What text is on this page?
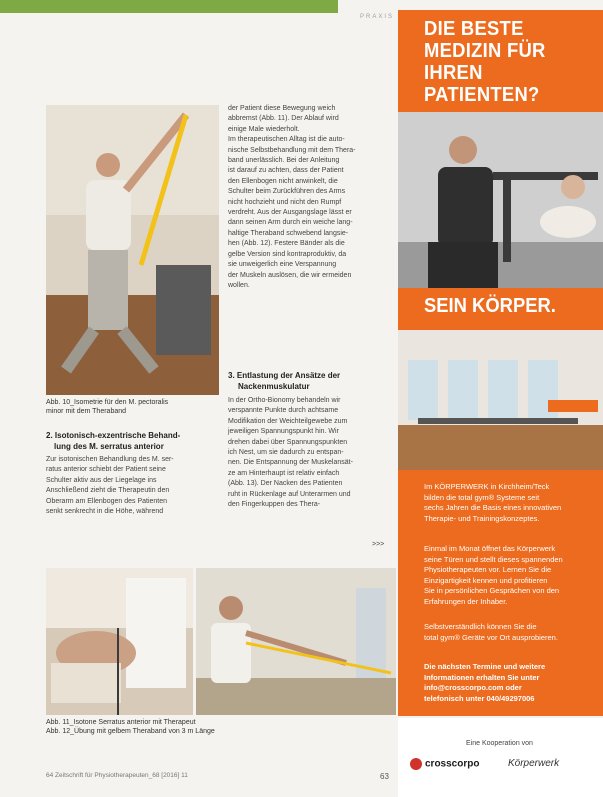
PRAXIS
Abb. 10_Isometrie für den M. pectoralis
minor mit dem Theraband
der Patient diese Bewegung weich
abbremst (Abb. 11). Der Ablauf wird
einige Male wiederholt.
Im therapeutischen Alltag ist die auto-
nische Selbstbehandlung mit dem Thera-
band unerlässlich. Bei der Anleitung
ist darauf zu achten, dass der Patient
den Ellenbogen nicht anwinkelt, die
Schulter beim Zurückführen des Arms
nicht hochzieht und nicht den Rumpf
verdreht. Aus der Ausgangslage lässt er
dann seinen Arm durch ein weiche lang-
haltige Theraband schwebend langsie-
hen (Abb. 12). Festere Bänder als die
gelbe Version sind kontraproduktiv, da
sie unweigerlich eine Verspannung
der Muskeln auslösen, die wir ermeiden
wollen.
2. Isotonisch-exzentrische Behand-
lung des M. serratus anterior
Zur isotonischen Behandlung des M. ser-
ratus anterior schiebt der Patient seine
Schulter aktiv aus der Liegelage ins
Anschließend zieht die Therapeutin den
Oberarm am Ellenbogen des Patienten
senkt senkrecht in die Höhe, während
3. Entlastung der Ansätze der
Nackenmuskulatur
In der Ortho-Bionomy behandeln wir
verspannte Punkte durch achtsame
Modifikation der Weichteilgewebe zum
jeweiligen Spannungspunkt hin. Wir
drehen dabei über Spannungspunkten
ich Nest, um sie dadurch zu entspan-
nen. Die Entspannung der Muskelansät-
ze am Hinterhaupt ist relativ einfach
(Abb. 13). Der Nacken des Patienten
ruht in Rückenlage auf Unterarmen und
den Fingerkuppen des Thera-
>>>
Abb. 11_Isotone Serratus anterior mit Therapeut
Abb. 12_Übung mit gelbem Theraband von 3 m Länge
DIE BESTE
MEDIZIN FÜR
IHREN
PATIENTEN?
SEIN KÖRPER.
Im KÖRPERWERK in Kirchheim/Teck
bilden die total gym® Systeme seit
sechs Jahren die Basis eines innovativen
Therapie- und Trainingskonzeptes.
Einmal im Monat öffnet das Körperwerk
seine Türen und stellt dieses spannenden
Physiotherapeuten vor. Lernen Sie die
Einzigartigkeit kennen und profitieren
Sie in persönlichen Gesprächen von den
Erfahrungen der Inhaber.
Selbstverständlich können Sie die
total gym® Geräte vor Ort ausprobieren.
Die nächsten Termine und weitere
Informationen erhalten Sie unter
info@crosscorpo.com oder
telefonisch unter 040/49297006
Eine Kooperation von
crosscorpo	Körperwerk
64 Zeitschrift für Physiotherapeuten_68 [2016] 11	63
